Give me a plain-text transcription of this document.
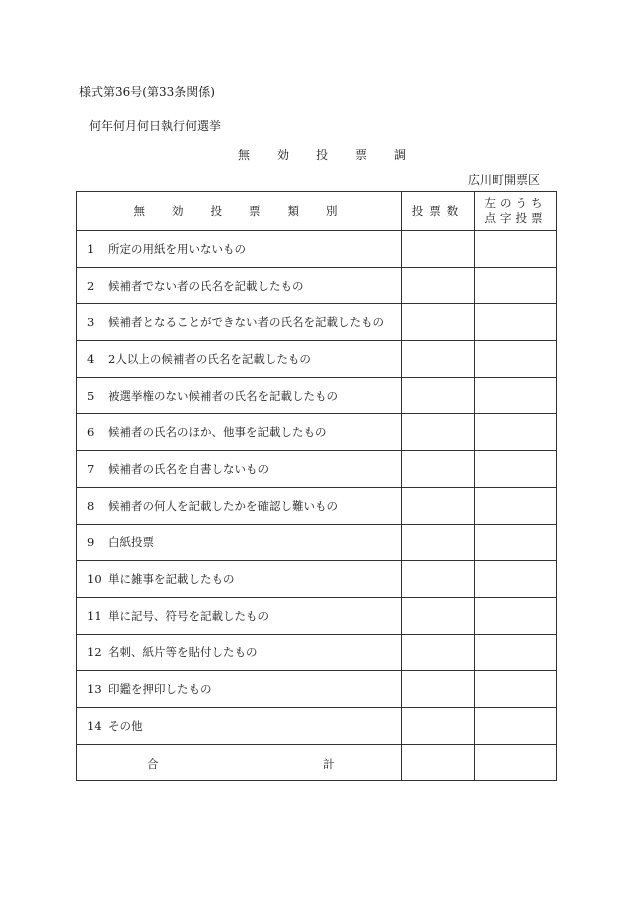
様式第36号(第33条関係)
何年何月何日執行何選挙
無効投票調
広川町開票区
無効投票類別	投票数	左のうち
点字投票

1 所定の用紙を用いないもの		
2 候補者でない者の氏名を記載したもの		
3 候補者となることができない者の氏名を記載したもの		
4 2人以上の候補者の氏名を記載したもの		
5 被選挙権のない候補者の氏名を記載したもの		
6 候補者の氏名のほか、他事を記載したもの		
7 候補者の氏名を自書しないもの		
8 候補者の何人を記載したかを確認し難いもの		
9 白紙投票		
10 単に雑事を記載したもの		
11 単に記号、符号を記載したもの		
12 名刺、紙片等を貼付したもの		
13 印鑑を押印したもの		
14 その他		

合 計		
